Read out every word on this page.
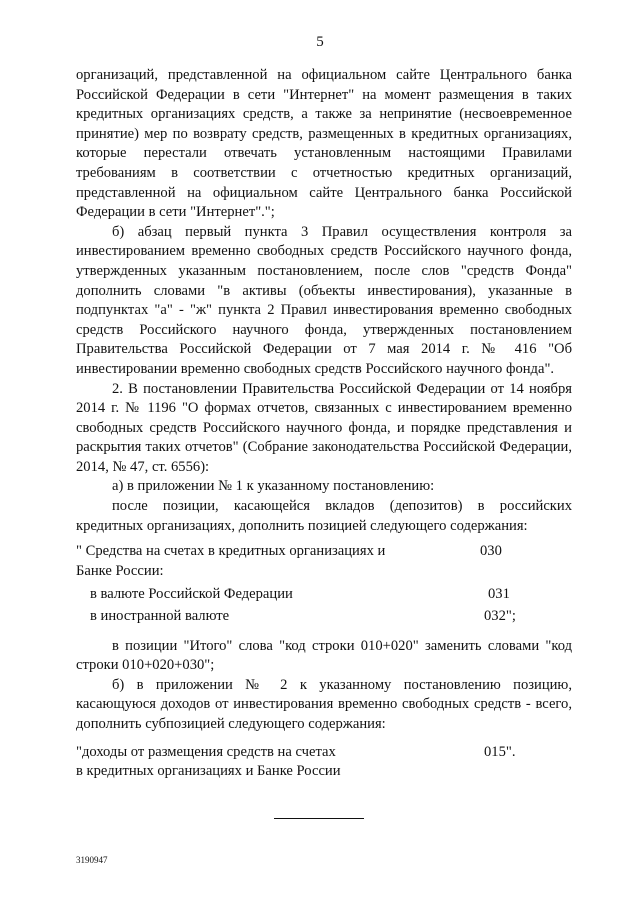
5

организаций, представленной на официальном сайте Центрального банка Российской Федерации в сети "Интернет" на момент размещения в таких кредитных организациях средств, а также за непринятие (несвоевременное принятие) мер по возврату средств, размещенных в кредитных организациях, которые перестали отвечать установленным настоящими Правилами требованиям в соответствии с отчетностью кредитных организаций, представленной на официальном сайте Центрального банка Российской Федерации в сети "Интернет".";

б) абзац первый пункта 3 Правил осуществления контроля за инвестированием временно свободных средств Российского научного фонда, утвержденных указанным постановлением, после слов "средств Фонда" дополнить словами "в активы (объекты инвестирования), указанные в подпунктах "а" - "ж" пункта 2 Правил инвестирования временно свободных средств Российского научного фонда, утвержденных постановлением Правительства Российской Федерации от 7 мая 2014 г. № 416 "Об инвестировании временно свободных средств Российского научного фонда".

2. В постановлении Правительства Российской Федерации от 14 ноября 2014 г. № 1196 "О формах отчетов, связанных с инвестированием временно свободных средств Российского научного фонда, и порядке представления и раскрытия таких отчетов" (Собрание законодательства Российской Федерации, 2014, № 47, ст. 6556):

а) в приложении № 1 к указанному постановлению:

после позиции, касающейся вкладов (депозитов) в российских кредитных организациях, дополнить позицией следующего содержания:

" Средства на счетах в кредитных организациях и	030
Банке России:
в валюте Российской Федерации	031
в иностранной валюте	032";

в позиции "Итого" слова "код строки 010+020" заменить словами "код строки 010+020+030";

б) в приложении № 2 к указанному постановлению позицию, касающуюся доходов от инвестирования временно свободных средств - всего, дополнить субпозицией следующего содержания:

"доходы от размещения средств на счетах	015".
в кредитных организациях и Банке России
3190947
